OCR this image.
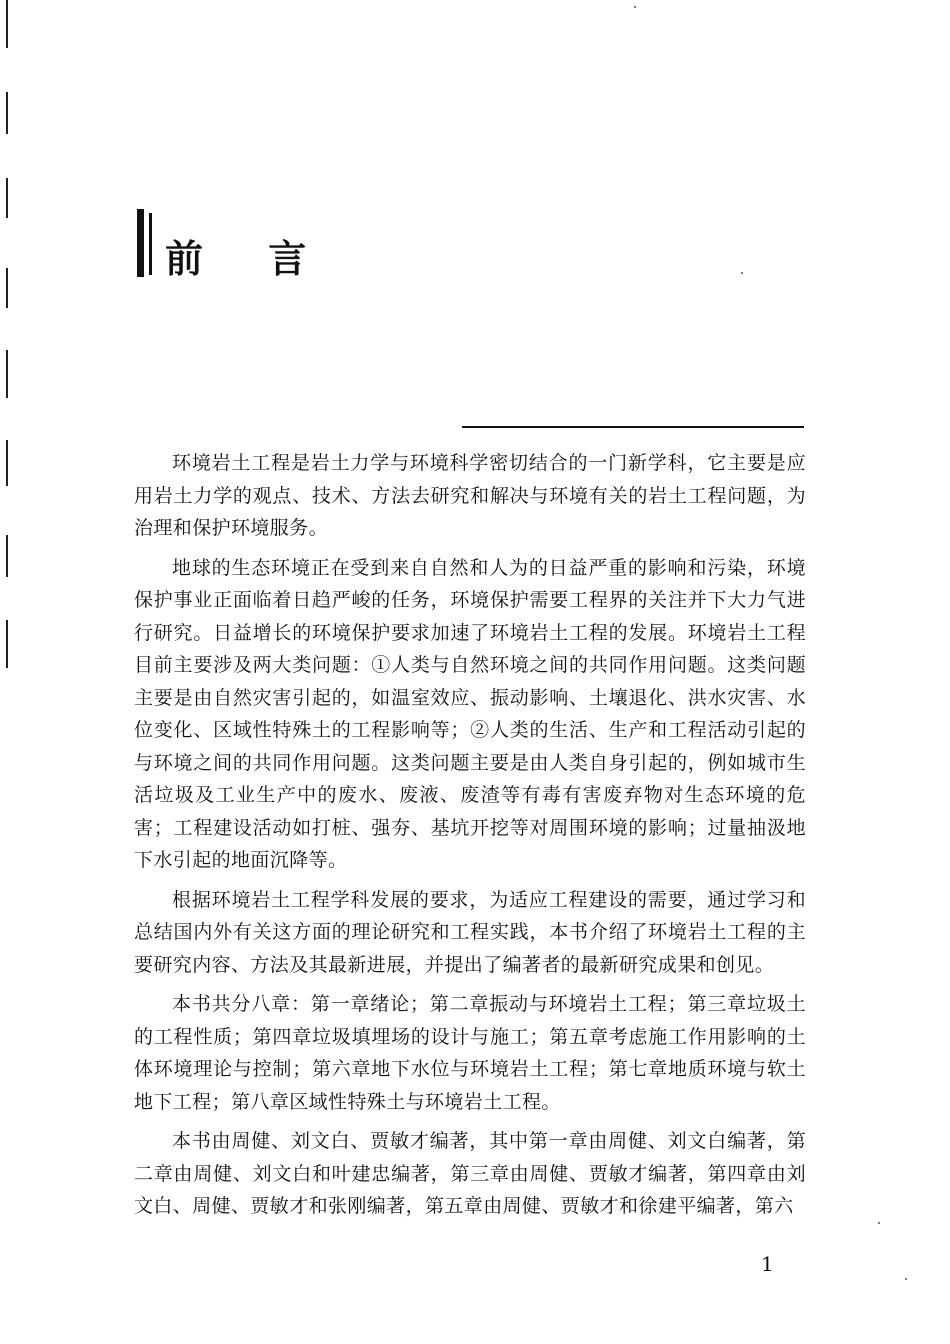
前 言

环境岩土工程是岩土力学与环境科学密切结合的一门新学科，它主要是应用岩土力学的观点、技术、方法去研究和解决与环境有关的岩土工程问题，为治理和保护环境服务。

地球的生态环境正在受到来自自然和人为的日益严重的影响和污染，环境保护事业正面临着日趋严峻的任务，环境保护需要工程界的关注并下大力气进行研究。日益增长的环境保护要求加速了环境岩土工程的发展。环境岩土工程目前主要涉及两大类问题：①人类与自然环境之间的共同作用问题。这类问题主要是由自然灾害引起的，如温室效应、振动影响、土壤退化、洪水灾害、水位变化、区域性特殊土的工程影响等；②人类的生活、生产和工程活动引起的与环境之间的共同作用问题。这类问题主要是由人类自身引起的，例如城市生活垃圾及工业生产中的废水、废液、废渣等有毒有害废弃物对生态环境的危害；工程建设活动如打桩、强夯、基坑开挖等对周围环境的影响；过量抽汲地下水引起的地面沉降等。

根据环境岩土工程学科发展的要求，为适应工程建设的需要，通过学习和总结国内外有关这方面的理论研究和工程实践，本书介绍了环境岩土工程的主要研究内容、方法及其最新进展，并提出了编著者的最新研究成果和创见。

本书共分八章：第一章绪论；第二章振动与环境岩土工程；第三章垃圾土的工程性质；第四章垃圾填埋场的设计与施工；第五章考虑施工作用影响的土体环境理论与控制；第六章地下水位与环境岩土工程；第七章地质环境与软土地下工程；第八章区域性特殊土与环境岩土工程。

本书由周健、刘文白、贾敏才编著，其中第一章由周健、刘文白编著，第二章由周健、刘文白和叶建忠编著，第三章由周健、贾敏才编著，第四章由刘文白、周健、贾敏才和张刚编著，第五章由周健、贾敏才和徐建平编著，第六

1
